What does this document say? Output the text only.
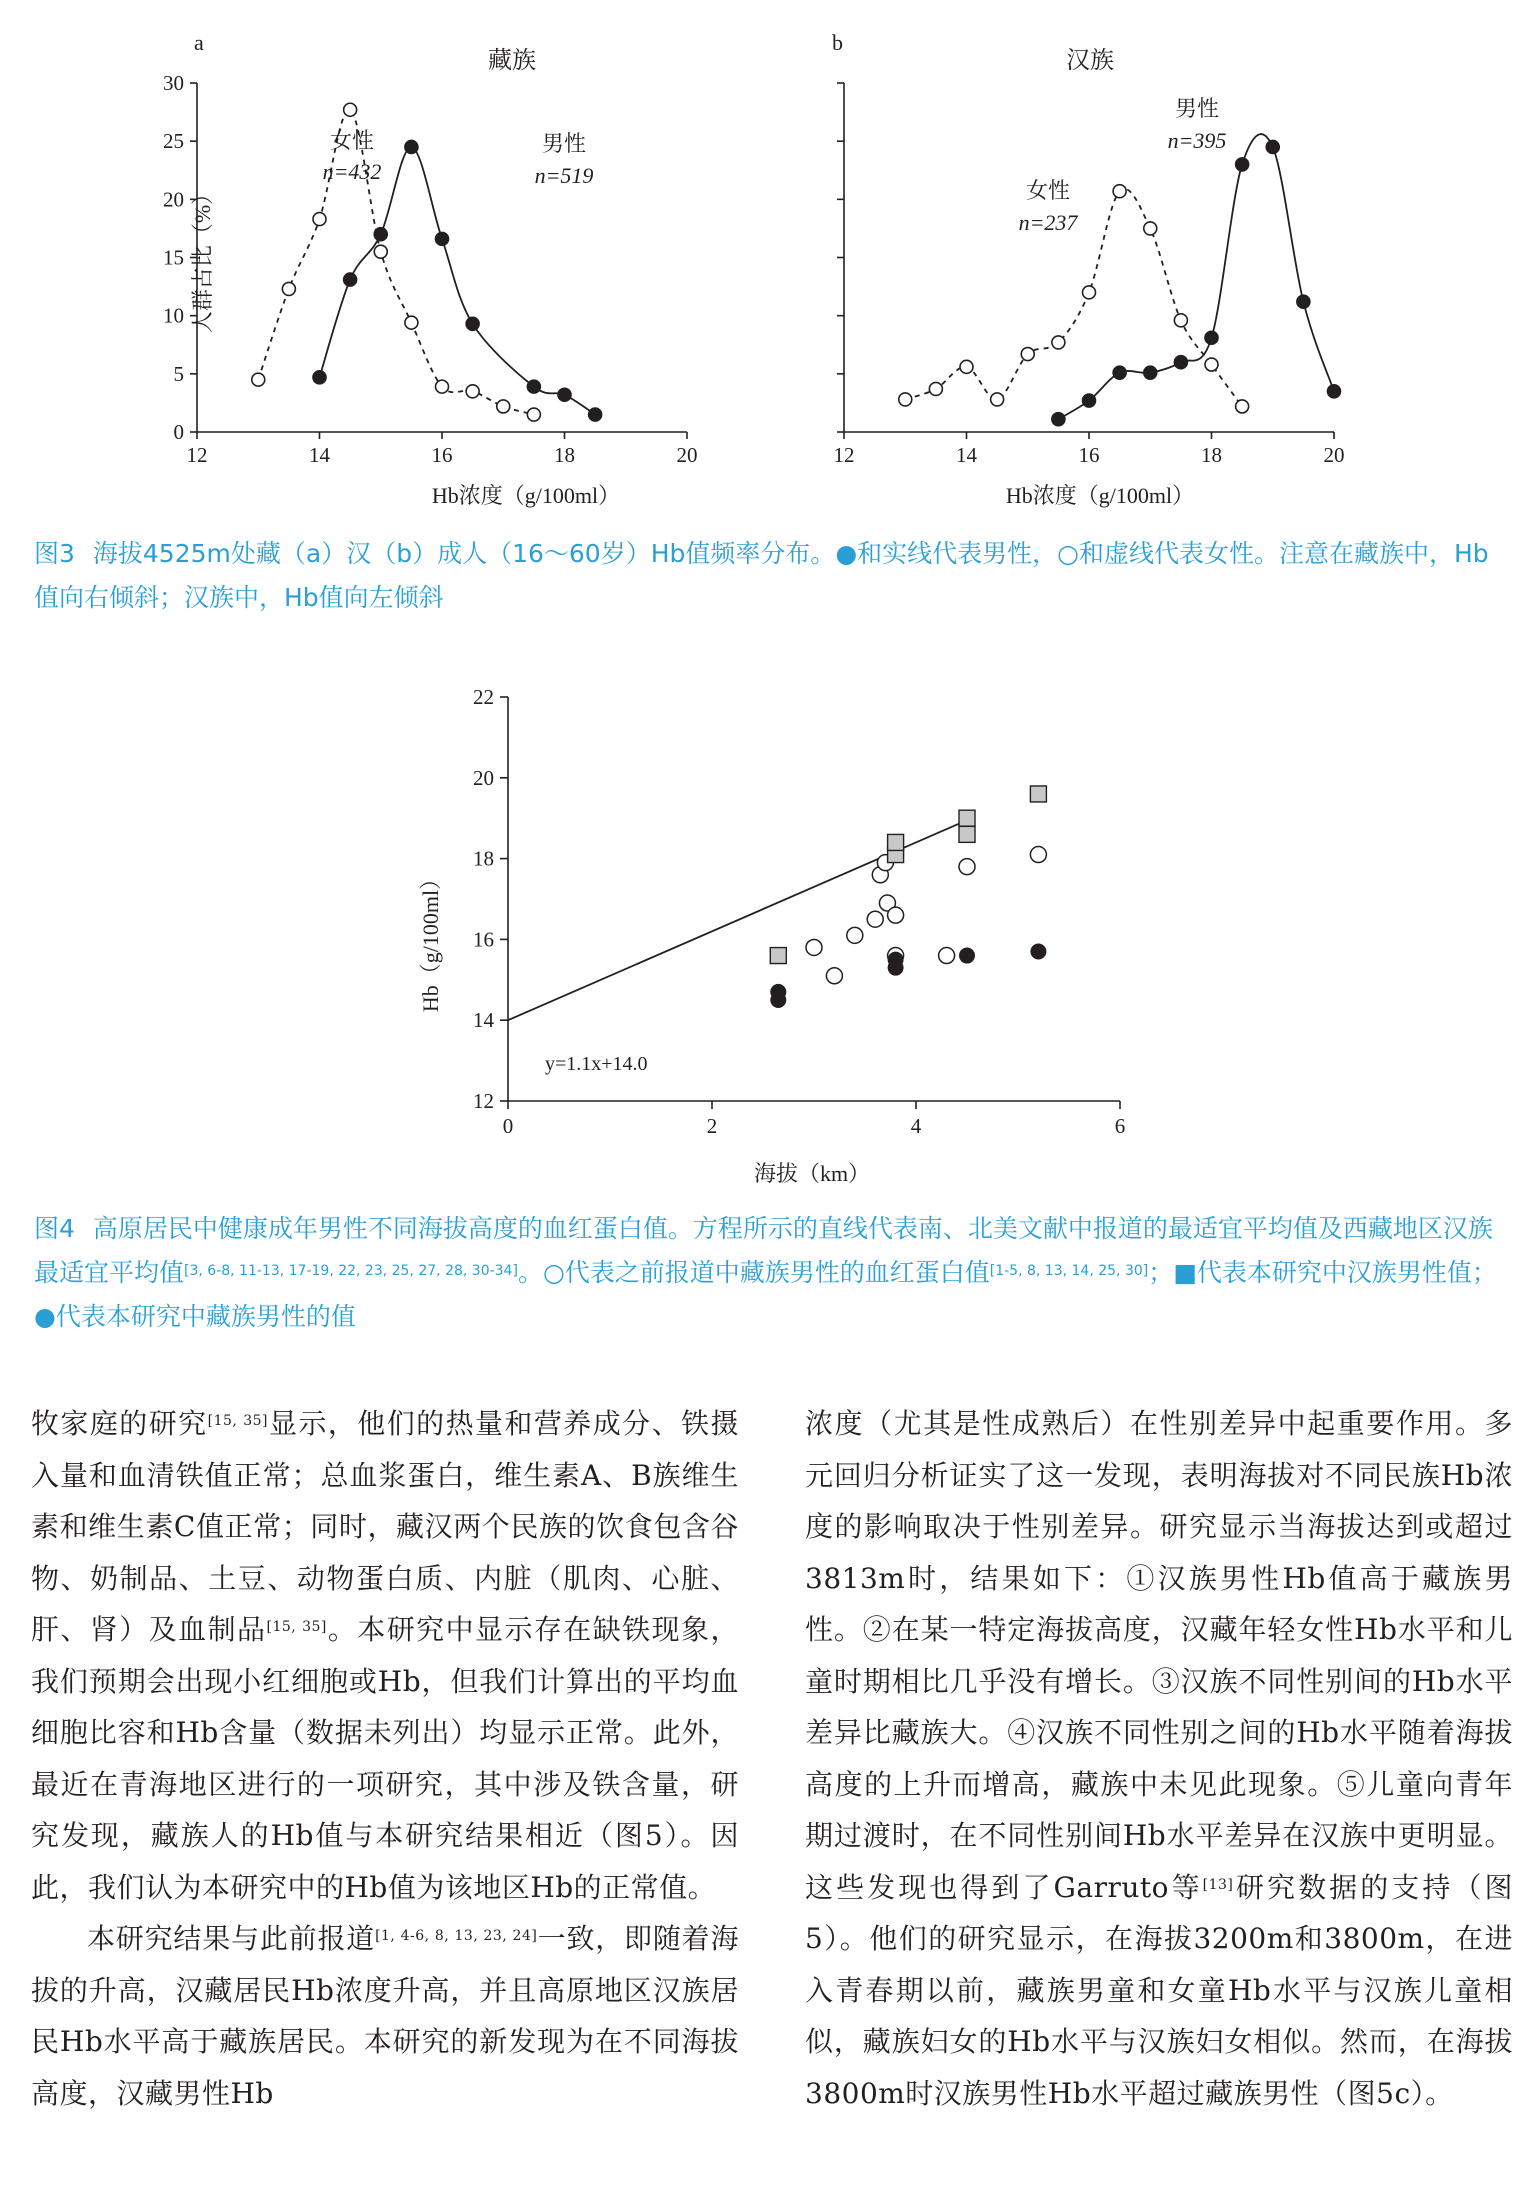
a
藏族
女性
n=432
男性
n=519
人群占比（%）
Hb浓度（g/100ml）
12	14	16	18	20
0
5
10
15
20
25
30
b
汉族
女性
n=237
男性
n=395
Hb浓度（g/100ml）
12	14	16	18	20
图3 海拔4525m处藏（a）汉（b）成人（16～60岁）Hb值频率分布。●和实线代表男性，○和虚线代表女性。注意在藏族中，Hb值向右倾斜；汉族中，Hb值向左倾斜
Hb（g/100ml）
海拔（km）
y=1.1x+14.0
0	2	4	6
12
14
16
18
20
22
图4 高原居民中健康成年男性不同海拔高度的血红蛋白值。方程所示的直线代表南、北美文献中报道的最适宜平均值及西藏地区汉族最适宜平均值[3, 6-8, 11-13, 17-19, 22, 23, 25, 27, 28, 30-34]。○代表之前报道中藏族男性的血红蛋白值[1-5, 8, 13, 14, 25, 30]；■代表本研究中汉族男性值；●代表本研究中藏族男性的值

牧家庭的研究[15, 35]显示，他们的热量和营养成分、铁摄入量和血清铁值正常；总血浆蛋白，维生素A、B族维生素和维生素C值正常；同时，藏汉两个民族的饮食包含谷物、奶制品、土豆、动物蛋白质、内脏（肌肉、心脏、肝、肾）及血制品[15, 35]。本研究中显示存在缺铁现象，我们预期会出现小红细胞或Hb，但我们计算出的平均血细胞比容和Hb含量（数据未列出）均显示正常。此外，最近在青海地区进行的一项研究，其中涉及铁含量，研究发现，藏族人的Hb值与本研究结果相近（图5）。因此，我们认为本研究中的Hb值为该地区Hb的正常值。

本研究结果与此前报道[1, 4-6, 8, 13, 23, 24]一致，即随着海拔的升高，汉藏居民Hb浓度升高，并且高原地区汉族居民Hb水平高于藏族居民。本研究的新发现为在不同海拔高度，汉藏男性Hb

浓度（尤其是性成熟后）在性别差异中起重要作用。多元回归分析证实了这一发现，表明海拔对不同民族Hb浓度的影响取决于性别差异。研究显示当海拔达到或超过3813m时，结果如下：①汉族男性Hb值高于藏族男性。②在某一特定海拔高度，汉藏年轻女性Hb水平和儿童时期相比几乎没有增长。③汉族不同性别间的Hb水平差异比藏族大。④汉族不同性别之间的Hb水平随着海拔高度的上升而增高，藏族中未见此现象。⑤儿童向青年期过渡时，在不同性别间Hb水平差异在汉族中更明显。这些发现也得到了Garruto等[13]研究数据的支持（图5）。他们的研究显示，在海拔3200m和3800m，在进入青春期以前，藏族男童和女童Hb水平与汉族儿童相似，藏族妇女的Hb水平与汉族妇女相似。然而，在海拔3800m时汉族男性Hb水平超过藏族男性（图5c）。
